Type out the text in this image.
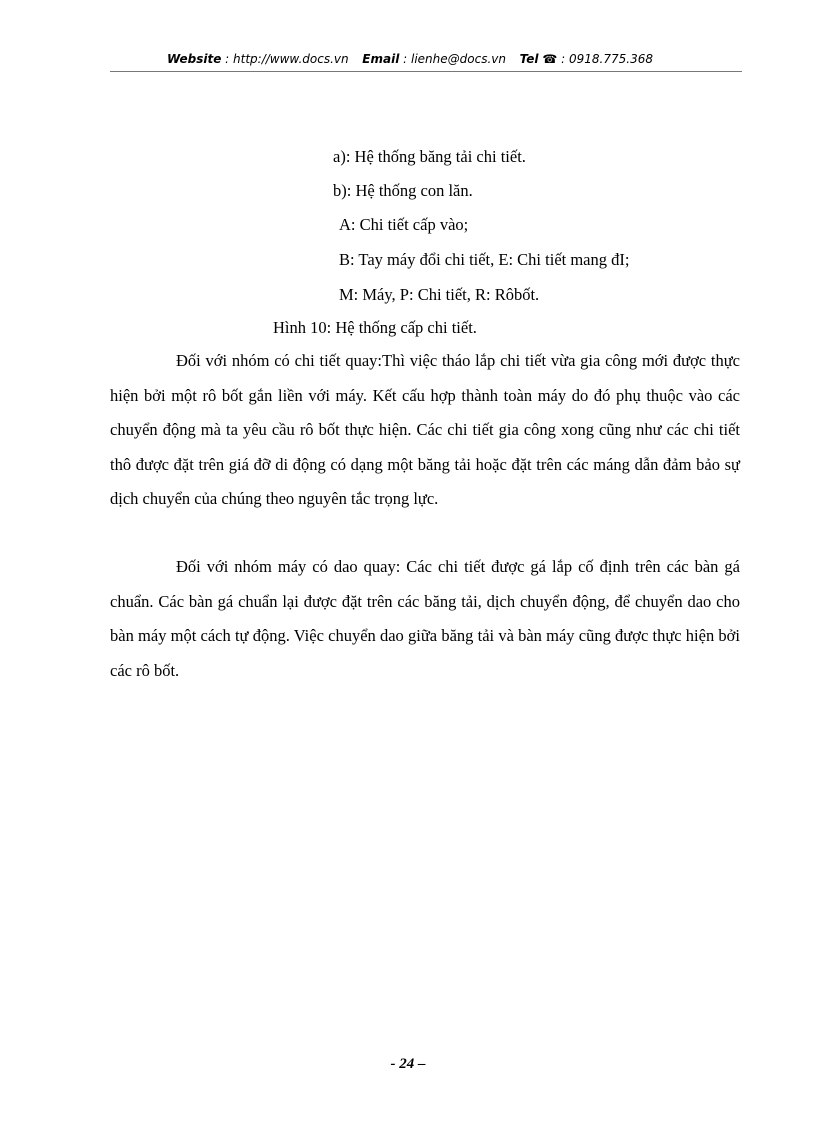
Website : http://www.docs.vn Email : lienhe@docs.vn Tel ☎ : 0918.775.368
a): Hệ thống băng tải chi tiết.
b): Hệ thống con lăn.
A: Chi tiết cấp vào;
B: Tay máy đổi chi tiết, E: Chi tiết mang đI;
M: Máy, P: Chi tiết, R: Rôbốt.
Hình 10: Hệ thống cấp chi tiết.

Đối với nhóm có chi tiết quay:Thì việc tháo lắp chi tiết vừa gia công mới được thực hiện bởi một rô bốt gắn liền với máy. Kết cấu hợp thành toàn máy do đó phụ thuộc vào các chuyển động mà ta yêu cầu rô bốt thực hiện. Các chi tiết gia công xong cũng như các chi tiết thô được đặt trên giá đỡ di động có dạng một băng tải hoặc đặt trên các máng dẫn đảm bảo sự dịch chuyển của chúng theo nguyên tắc trọng lực.

Đối với nhóm máy có dao quay: Các chi tiết được gá lắp cố định trên các bàn gá chuẩn. Các bàn gá chuẩn lại được đặt trên các băng tải, dịch chuyển động, để chuyển dao cho bàn máy một cách tự động. Việc chuyển dao giữa băng tải và bàn máy cũng được thực hiện bởi các rô bốt.

- 24 –
